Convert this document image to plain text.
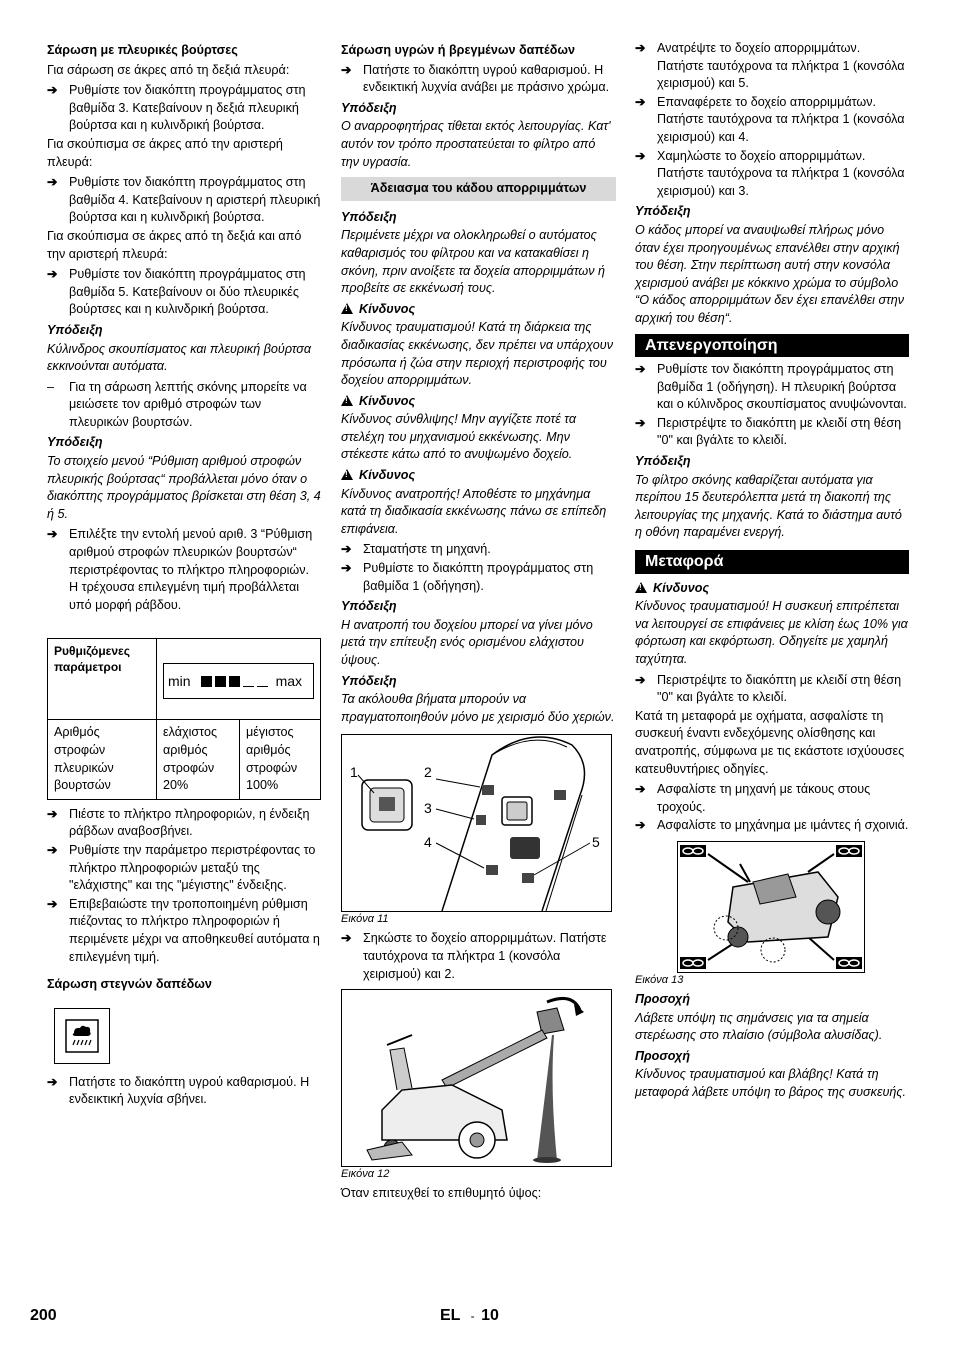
Σάρωση με πλευρικές βούρτσες

Για σάρωση σε άκρες από τη δεξιά πλευρά:

➔ Ρυθμίστε τον διακόπτη προγράμματος στη βαθμίδα 3. Κατεβαίνουν η δεξιά πλευρική βούρτσα και η κυλινδρική βούρτσα.

Για σκούπισμα σε άκρες από την αριστερή πλευρά:

➔ Ρυθμίστε τον διακόπτη προγράμματος στη βαθμίδα 4. Κατεβαίνουν η αριστερή πλευρική βούρτσα και η κυλινδρική βούρτσα.

Για σκούπισμα σε άκρες από τη δεξιά και από την αριστερή πλευρά:

➔ Ρυθμίστε τον διακόπτη προγράμματος στη βαθμίδα 5. Κατεβαίνουν οι δύο πλευρικές βούρτσες και η κυλινδρική βούρτσα.
Υπόδειξη

Κύλινδρος σκουπίσματος και πλευρική βούρτσα εκκινούνται αυτόματα.

– Για τη σάρωση λεπτής σκόνης μπορείτε να μειώσετε τον αριθμό στροφών των πλευρικών βουρτσών.
Υπόδειξη

Το στοιχείο μενού “Ρύθμιση αριθμού στροφών πλευρικής βούρτσας“ προβάλλεται μόνο όταν ο διακόπτης προγράμματος βρίσκεται στη θέση 3, 4 ή 5.

➔ Επιλέξτε την εντολή μενού αριθ. 3 “Ρύθμιση αριθμού στροφών πλευρικών βουρτσών“ περιστρέφοντας το πλήκτρο πληροφοριών. Η τρέχουσα επιλεγμένη τιμή προβάλλεται υπό μορφή ράβδου.
Ρυθμιζόμενες παράμετροι	min max	

Αριθμός στροφών πλευρικών βουρτσών	ελάχιστος αριθμός στροφών 20%	μέγιστος αριθμός στροφών 100%
➔ Πιέστε το πλήκτρο πληροφοριών, η ένδειξη ράβδων αναβοσβήνει.
➔ Ρυθμίστε την παράμετρο περιστρέφοντας το πλήκτρο πληροφοριών μεταξύ της "ελάχιστης" και της "μέγιστης" ένδειξης.
➔ Επιβεβαιώστε την τροποποιημένη ρύθμιση πιέζοντας το πλήκτρο πληροφοριών ή περιμένετε μέχρι να αποθηκευθεί αυτόματα η επιλεγμένη τιμή.
Σάρωση στεγνών δαπέδων
➔ Πατήστε το διακόπτη υγρού καθαρισμού. Η ενδεικτική λυχνία σβήνει.
Σάρωση υγρών ή βρεγμένων δαπέδων
➔ Πατήστε το διακόπτη υγρού καθαρισμού. Η ενδεικτική λυχνία ανάβει με πράσινο χρώμα.
Υπόδειξη

Ο αναρροφητήρας τίθεται εκτός λειτουργίας. Κατ' αυτόν τον τρόπο προστατεύεται το φίλτρο από την υγρασία.

Άδειασμα του κάδου απορριμμάτων
Υπόδειξη

Περιμένετε μέχρι να ολοκληρωθεί ο αυτόματος καθαρισμός του φίλτρου και να κατακαθίσει η σκόνη, πριν ανοίξετε τα δοχεία απορριμμάτων ή προβείτε σε εκκένωσή τους.

!Κίνδυνος

Κίνδυνος τραυματισμού! Κατά τη διάρκεια της διαδικασίας εκκένωσης, δεν πρέπει να υπάρχουν πρόσωπα ή ζώα στην περιοχή περιστροφής του δοχείου απορριμμάτων.

!Κίνδυνος

Κίνδυνος σύνθλιψης! Μην αγγίζετε ποτέ τα στελέχη του μηχανισμού εκκένωσης. Μην στέκεστε κάτω από το ανυψωμένο δοχείο.

!Κίνδυνος

Κίνδυνος ανατροπής! Αποθέστε το μηχάνημα κατά τη διαδικασία εκκένωσης πάνω σε επίπεδη επιφάνεια.

➔ Σταματήστε τη μηχανή.
➔ Ρυθμίστε το διακόπτη προγράμματος στη βαθμίδα 1 (οδήγηση).
Υπόδειξη

Η ανατροπή του δοχείου μπορεί να γίνει μόνο μετά την επίτευξη ενός ορισμένου ελάχιστου ύψους.

Υπόδειξη

Τα ακόλουθα βήματα μπορούν να πραγματοποιηθούν μόνο με χειρισμό δύο χεριών.

1	2
3
4	5
Εικόνα 11
➔ Σηκώστε το δοχείο απορριμμάτων. Πατήστε ταυτόχρονα τα πλήκτρα 1 (κονσόλα χειρισμού) και 2.
Εικόνα 12

Όταν επιτευχθεί το επιθυμητό ύψος:

➔ Ανατρέψτε το δοχείο απορριμμάτων. Πατήστε ταυτόχρονα τα πλήκτρα 1 (κονσόλα χειρισμού) και 5.
➔ Επαναφέρετε το δοχείο απορριμμάτων. Πατήστε ταυτόχρονα τα πλήκτρα 1 (κονσόλα χειρισμού) και 4.
➔ Χαμηλώστε το δοχείο απορριμμάτων. Πατήστε ταυτόχρονα τα πλήκτρα 1 (κονσόλα χειρισμού) και 3.
Υπόδειξη

Ο κάδος μπορεί να αναυψωθεί πλήρως μόνο όταν έχει προηγουμένως επανέλθει στην αρχική του θέση. Στην περίπτωση αυτή στην κονσόλα χειρισμού ανάβει με κόκκινο χρώμα το σύμβολο “Ο κάδος απορριμμάτων δεν έχει επανέλθει στην αρχική του θέση“.

Απενεργοποίηση
➔ Ρυθμίστε τον διακόπτη προγράμματος στη βαθμίδα 1 (οδήγηση). Η πλευρική βούρτσα και ο κύλινδρος σκουπίσματος ανυψώνονται.
➔ Περιστρέψτε το διακόπτη με κλειδί στη θέση "0" και βγάλτε το κλειδί.
Υπόδειξη

Το φίλτρο σκόνης καθαρίζεται αυτόματα για περίπου 15 δευτερόλεπτα μετά τη διακοπή της λειτουργίας της μηχανής. Κατά το διάστημα αυτό η οθόνη παραμένει ενεργή.

Μεταφορά
!Κίνδυνος

Κίνδυνος τραυματισμού! Η συσκευή επιτρέπεται να λειτουργεί σε επιφάνειες με κλίση έως 10% για φόρτωση και εκφόρτωση. Οδηγείτε με χαμηλή ταχύτητα.

➔ Περιστρέψτε το διακόπτη με κλειδί στη θέση "0" και βγάλτε το κλειδί.

Κατά τη μεταφορά με οχήματα, ασφαλίστε τη συσκευή έναντι ενδεχόμενης ολίσθησης και ανατροπής, σύμφωνα με τις εκάστοτε ισχύουσες κατευθυντήριες οδηγίες.

➔ Ασφαλίστε τη μηχανή με τάκους στους τροχούς.
➔ Ασφαλίστε το μηχάνημα με ιμάντες ή σχοινιά.
Εικόνα 13
Προσοχή

Λάβετε υπόψη τις σημάνσεις για τα σημεία στερέωσης στο πλαίσιο (σύμβολα αλυσίδας).

Προσοχή

Κίνδυνος τραυματισμού και βλάβης! Κατά τη μεταφορά λάβετε υπόψη το βάρος της συσκευής.

200	EL - 10
